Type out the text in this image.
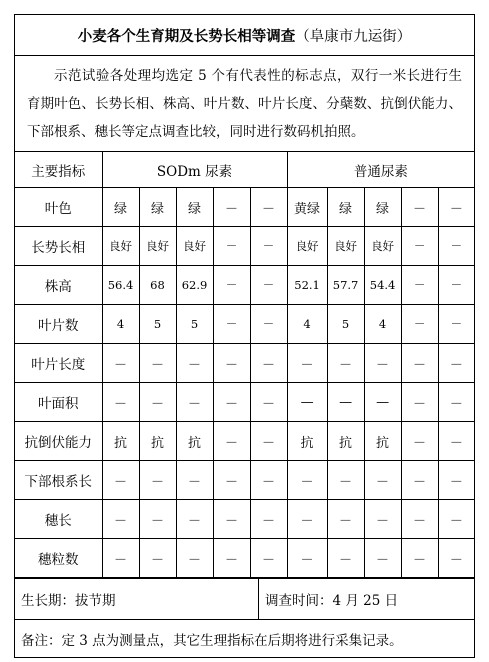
小麦各个生育期及长势长相等调查 （阜康市九运街）
示范试验各处理均选定 5 个有代表性的标志点，双行一米长进行生育期叶色、长势长相、株高、叶片数、叶片长度、分蘖数、抗倒伏能力、下部根系、穗长等定点调查比较，同时进行数码机拍照。
主要指标	SODm 尿素					普通尿素				
叶色	绿	绿	绿	－	－	黄绿	绿	绿	－	－
长势长相	良好	良好	良好	－	－	良好	良好	良好	－	－
株高	56.4	68	62.9	－	－	52.1	57.7	54.4	－	－
叶片数	4	5	5	－	－	4	5	4	－	－
叶片长度	－	－	－	－	－	－	－	－	－	－
叶面积	－	－	－	－	－	—	—	—	－	－
抗倒伏能力	抗	抗	抗	－	－	抗	抗	抗	－	－
下部根系长	－	－	－	－	－	－	－	－	－	－
穗长	－	－	－	－	－	－	－	－	－	－
穗粒数	－	－	－	－	－	－	－	－	－	－
生长期：拔节期	调查时间：4 月 25 日
备注：定 3 点为测量点，其它生理指标在后期将进行采集记录。
